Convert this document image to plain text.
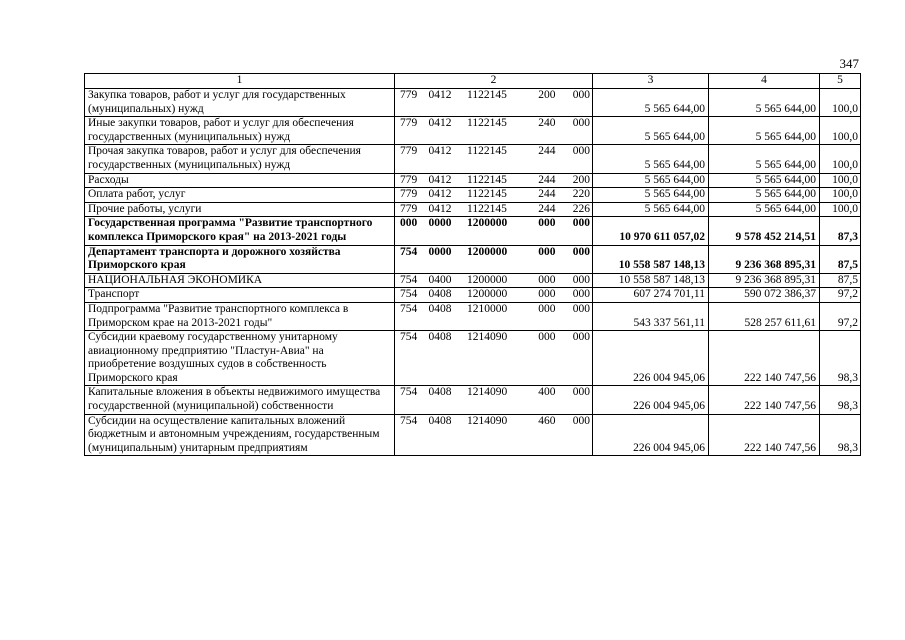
347
1	2	3	4	5
Закупка товаров, работ и услуг для государственных (муниципальных) нужд	779 0412 1122145 200 000	5 565 644,00	5 565 644,00	100,0
Иные закупки товаров, работ и услуг для обеспечения государственных (муниципальных) нужд	779 0412 1122145 240 000	5 565 644,00	5 565 644,00	100,0
Прочая закупка товаров, работ и услуг для обеспечения государственных (муниципальных) нужд	779 0412 1122145 244 000	5 565 644,00	5 565 644,00	100,0
Расходы	779 0412 1122145 244 200	5 565 644,00	5 565 644,00	100,0
Оплата работ, услуг	779 0412 1122145 244 220	5 565 644,00	5 565 644,00	100,0
Прочие работы, услуги	779 0412 1122145 244 226	5 565 644,00	5 565 644,00	100,0
Государственная программа "Развитие транспортного комплекса Приморского края" на 2013-2021 годы	000 0000 1200000 000 000	10 970 611 057,02	9 578 452 214,51	87,3
Департамент транспорта и дорожного хозяйства Приморского края	754 0000 1200000 000 000	10 558 587 148,13	9 236 368 895,31	87,5
НАЦИОНАЛЬНАЯ ЭКОНОМИКА	754 0400 1200000 000 000	10 558 587 148,13	9 236 368 895,31	87,5
Транспорт	754 0408 1200000 000 000	607 274 701,11	590 072 386,37	97,2
Подпрограмма "Развитие транспортного комплекса в Приморском крае на 2013-2021 годы"	754 0408 1210000 000 000	543 337 561,11	528 257 611,61	97,2
Субсидии краевому государственному унитарному авиационному предприятию "Пластун-Авиа" на приобретение воздушных судов в собственность Приморского края	754 0408 1214090 000 000	226 004 945,06	222 140 747,56	98,3
Капитальные вложения в объекты недвижимого имущества государственной (муниципальной) собственности	754 0408 1214090 400 000	226 004 945,06	222 140 747,56	98,3
Субсидии на осуществление капитальных вложений бюджетным и автономным учреждениям, государственным (муниципальным) унитарным предприятиям	754 0408 1214090 460 000	226 004 945,06	222 140 747,56	98,3
